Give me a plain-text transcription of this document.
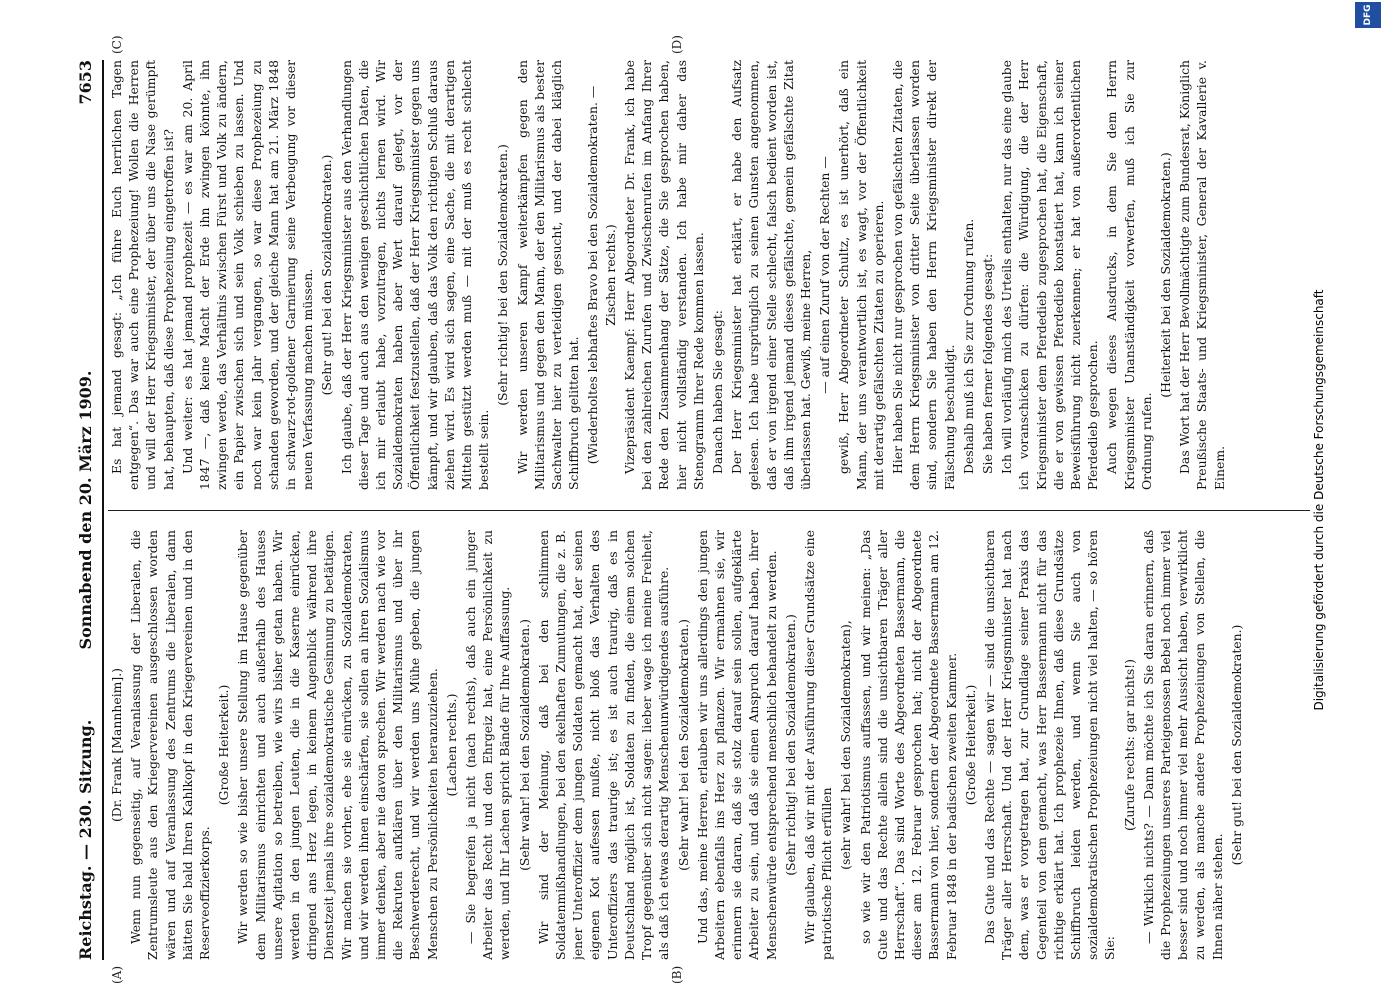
Reichstag. — 230. Sitzung.
Sonnabend den 20. März 1909.
7653
(A)	(B)
(C)	(D)

(Dr. Frank [Mannheim].) Wenn nun gegenseitig, auf Veranlassung der Liberalen, die Zentrumsleute aus den Kriegervereinen ausgeschlossen worden wären und auf Veranlassung des Zentrums die Liberalen, dann hätten Sie bald Ihren Kahlkopf in den Kriegervereinen und in den Reserveoffizierkorps.

(Große Heiterkeit.) Wir werden so wie bisher unsere Stellung im Hause gegenüber dem Militarismus einrichten und auch außerhalb des Hauses unsere Agitation so betreiben, wie wirs bisher getan haben. Wir werden in den jungen Leuten, die in die Kaserne einrücken, dringend ans Herz legen, in keinem Augenblick während ihre Dienstzeit jemals ihre sozialdemokratische Gesinnung zu betätigen. Wir machen sie vorher, ehe sie einrücken, zu Sozialdemokraten, und wir werden ihnen einschärfen, sie sollen an ihren Sozialismus immer denken, aber nie davon sprechen. Wir werden nach wie vor die Rekruten aufklären über den Militarismus und über ihr Beschwerderecht, und wir werden uns Mühe geben, die jungen Menschen zu Persönlichkeiten heranzuziehen. (Lachen rechts.) — Sie begreifen ja nicht (nach rechts), daß auch ein junger Arbeiter das Recht und den Ehrgeiz hat, eine Persönlichkeit zu werden, und Ihr Lachen spricht Bände für Ihre Auffassung. (Sehr wahr! bei den Sozialdemokraten.) Wir sind der Meinung, daß bei den schlimmen Soldatenmißhandlungen, bei den ekelhaften Zumutungen, die z. B. jener Unteroffizier dem jungen Soldaten gemacht hat, der seinen eigenen Kot aufessen mußte, nicht bloß das Verhalten des Unteroffiziers das traurige ist; es ist auch traurig, daß es in Deutschland möglich ist, Soldaten zu finden, die einem solchen Tropf gegenüber sich nicht sagen: lieber wage ich meine Freiheit, als daß ich etwas derartig Menschenunwürdigendes ausführe. (Sehr wahr! bei den Sozialdemokraten.) Und das, meine Herren, erlauben wir uns allerdings den jungen Arbeitern ebenfalls ins Herz zu pflanzen. Wir ermahnen sie, wir erinnern sie daran, daß sie stolz darauf sein sollen, aufgeklärte Arbeiter zu sein, und daß sie einen Anspruch darauf haben, ihrer Menschenwürde entsprechend menschlich behandelt zu werden. (Sehr richtig! bei den Sozialdemokraten.) Wir glauben, daß wir mit der Ausführung dieser Grundsätze eine patriotische Pflicht erfüllen

(sehr wahr! bei den Sozialdemokraten), so wie wir den Patriotismus auffassen, und wir meinen: „Das Gute und das Rechte allein sind die unsichtbaren Träger aller Herrschaft“. Das sind Worte des Abgeordneten Bassermann, die dieser am 12. Februar gesprochen hat; nicht der Abgeordnete Bassermann von hier, sondern der Abgeordnete Bassermann am 12. Februar 1848 in der badischen zweiten Kammer. (Große Heiterkeit.) Das Gute und das Rechte — sagen wir — sind die unsichtbaren Träger aller Herrschaft. Und der Herr Kriegsminister hat nach dem, was er vorgetragen hat, zur Grundlage seiner Praxis das Gegenteil von dem gemacht, was Herr Bassermann nicht für das richtige erklärt hat. Ich prophezeie Ihnen, daß diese Grundsätze Schiffbruch leiden werden, und wenn Sie auch von sozialdemokratischen Prophezeiungen nicht viel halten, — so hören Sie:

(Zurufe rechts: gar nichts!) — Wirklich nichts? — Dann möchte ich Sie daran erinnern, daß die Prophezeiungen unseres Parteigenossen Bebel noch immer viel besser sind und noch immer viel mehr Aussicht haben, verwirklicht zu werden, als manche andere Prophezeiungen von Stellen, die Ihnen näher stehen.

(Sehr gut! bei den Sozialdemokraten.)

Es hat jemand gesagt: „Ich führe Euch herrlichen Tagen entgegen“. Das war auch eine Prophezeiung! Wollen die Herren und will der Herr Kriegsminister, der über uns die Nase gerümpft hat, behaupten, daß diese Prophezeiung eingetroffen ist? Und weiter: es hat jemand prophezeit — es war am 20. April 1847 —, daß keine Macht der Erde ihn zwingen könnte, ihn zwingen werde, das Verhältnis zwischen Fürst und Volk zu ändern, ein Papier zwischen sich und sein Volk schieben zu lassen. Und noch war kein Jahr vergangen, so war diese Prophezeiung zu schanden geworden, und der gleiche Mann hat am 21. März 1848 in schwarz-rot-goldener Garnierung seine Verbeugung vor dieser neuen Verfassung machen müssen. (Sehr gut! bei den Sozialdemokraten.) Ich glaube, daß der Herr Kriegsminister aus den Verhandlungen dieser Tage und auch aus den wenigen geschichtlichen Daten, die ich mir erlaubt habe, vorzutragen, nichts lernen wird. Wir Sozialdemokraten haben aber Wert darauf gelegt, vor der Öffentlichkeit festzustellen, daß der Herr Kriegsminister gegen uns kämpft, und wir glauben, daß das Volk den richtigen Schluß daraus ziehen wird. Es wird sich sagen, eine Sache, die mit derartigen Mitteln gestützt werden muß — mit der muß es recht schlecht bestellt sein.

(Sehr richtig! bei den Sozialdemokraten.) Wir werden unseren Kampf weiterkämpfen gegen den Militarismus und gegen den Mann, der den Militarismus als bester Sachwalter hier zu verteidigen gesucht, und der dabei kläglich Schiffbruch gelitten hat. (Wiederholtes lebhaftes Bravo bei den Sozialdemokraten. — Zischen rechts.) Vizepräsident Kaempf: Herr Abgeordneter Dr. Frank, ich habe bei den zahlreichen Zurufen und Zwischenrufen im Anfang Ihrer Rede den Zusammenhang der Sätze, die Sie gesprochen haben, hier nicht vollständig verstanden. Ich habe mir daher das Stenogramm Ihrer Rede kommen lassen. Danach haben Sie gesagt: Der Herr Kriegsminister hat erklärt, er habe den Aufsatz gelesen. Ich habe ursprünglich zu seinen Gunsten angenommen, daß er von irgend einer Stelle schlecht, falsch bedient worden ist, daß ihm irgend jemand dieses gefälschte, gemein gefälschte Zitat überlassen hat. Gewiß, meine Herren, — auf einen Zuruf von der Rechten — gewiß, Herr Abgeordneter Schultz, es ist unerhört, daß ein Mann, der uns verantwortlich ist, es wagt, vor der Öffentlichkeit mit derartig gefälschten Zitaten zu operieren. Hier haben Sie nicht nur gesprochen von gefälschten Zitaten, die dem Herrn Kriegsminister von dritter Seite überlassen worden sind, sondern Sie haben den Herrn Kriegsminister direkt der Fälschung beschuldigt. Deshalb muß ich Sie zur Ordnung rufen. Sie haben ferner folgendes gesagt: Ich will vorläufig mich des Urteils enthalten, nur das eine glaube ich voranschicken zu dürfen: die Würdigung, die der Herr Kriegsminister dem Pferdedieb zugesprochen hat, die Eigenschaft, die er von gewissen Pferdedieb konstatiert hat, kann ich seiner Beweisführung nicht zuerkennen; er hat von außerordentlichen Pferdedieb gesprochen. Auch wegen dieses Ausdrucks, in dem Sie dem Herrn Kriegsminister Unanständigkeit vorwerfen, muß ich Sie zur Ordnung rufen.

(Heiterkeit bei den Sozialdemokraten.) Das Wort hat der Herr Bevollmächtigte zum Bundesrat, Königlich Preußische Staats- und Kriegsminister, General der Kavallerie v. Einem.	Digitalisierung gefördert durch die Deutsche Forschungsgemeinschaft
DFG
